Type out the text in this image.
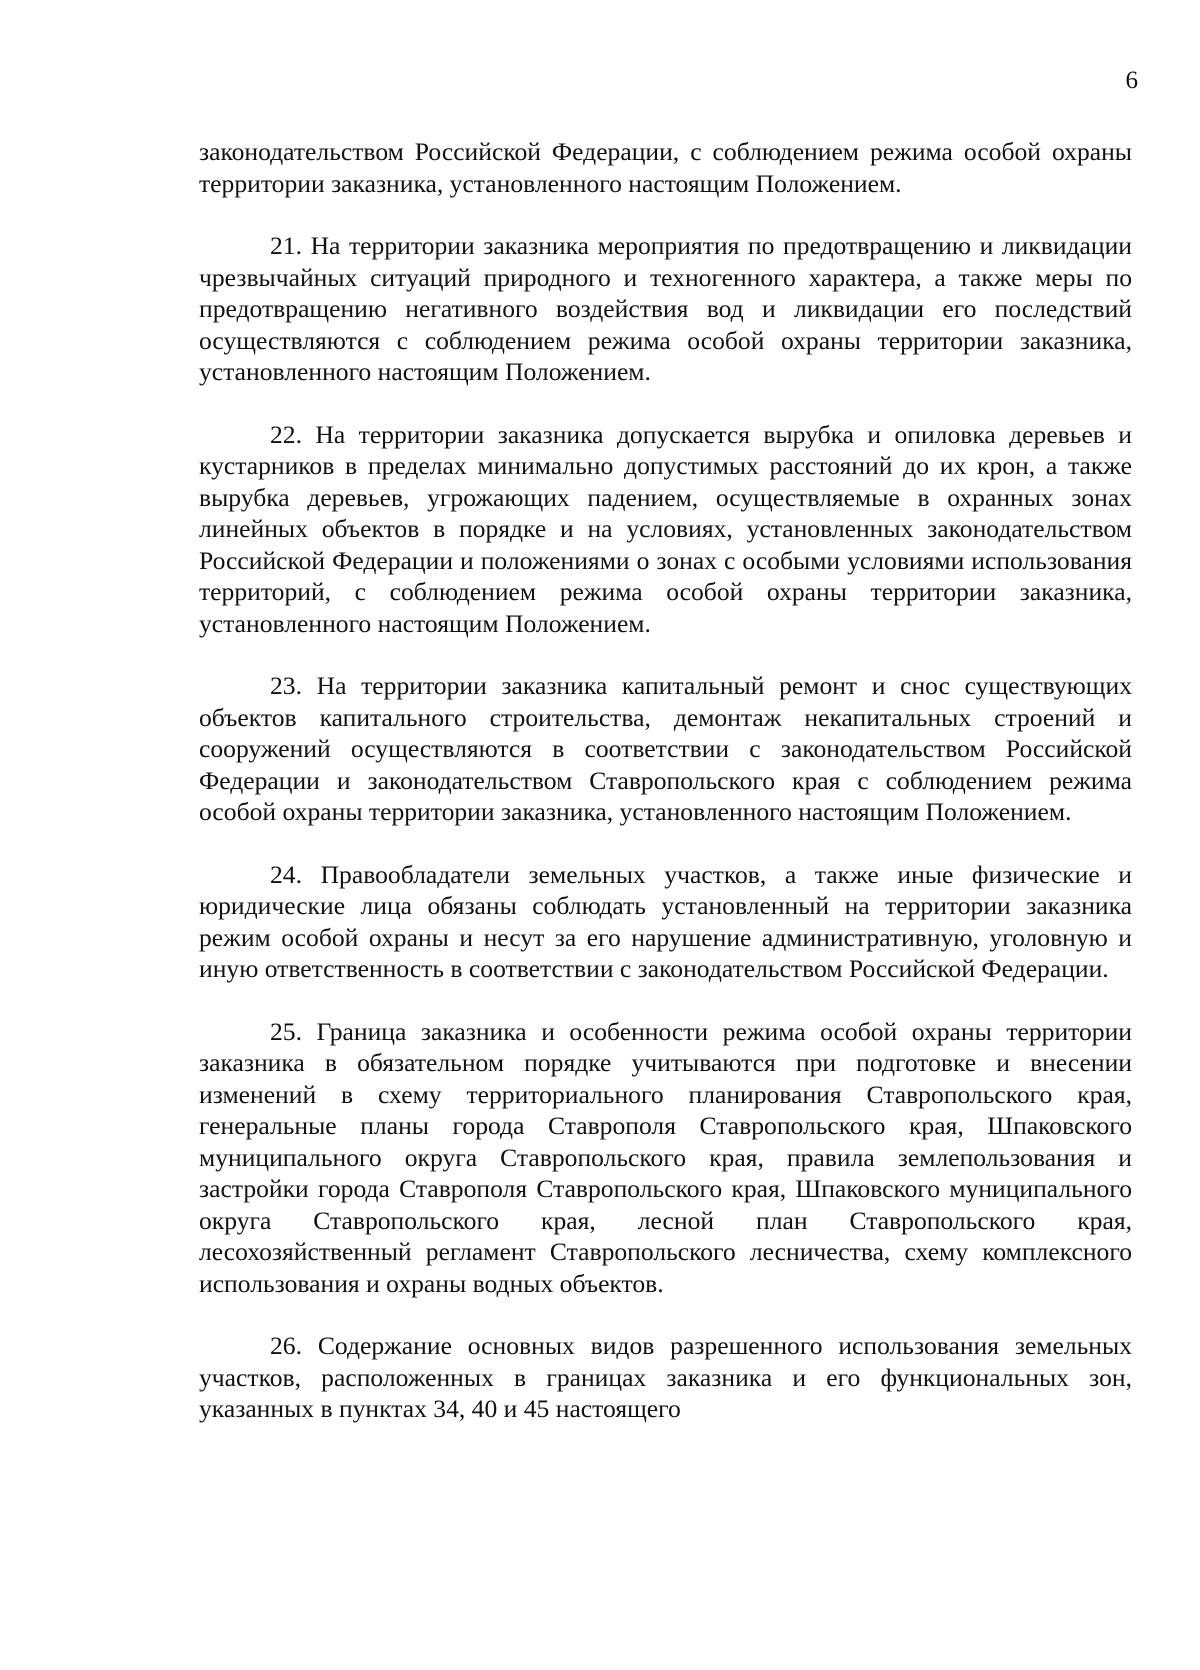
6

законодательством Российской Федерации, с соблюдением режима особой охраны территории заказника, установленного настоящим Положением.

21. На территории заказника мероприятия по предотвращению и ликвидации чрезвычайных ситуаций природного и техногенного характера, а также меры по предотвращению негативного воздействия вод и ликвидации его последствий осуществляются с соблюдением режима особой охраны территории заказника, установленного настоящим Положением.

22. На территории заказника допускается вырубка и опиловка деревьев и кустарников в пределах минимально допустимых расстояний до их крон, а также вырубка деревьев, угрожающих падением, осуществляемые в охранных зонах линейных объектов в порядке и на условиях, установленных законодательством Российской Федерации и положениями о зонах с особыми условиями использования территорий, с соблюдением режима особой охраны территории заказника, установленного настоящим Положением.

23. На территории заказника капитальный ремонт и снос существующих объектов капитального строительства, демонтаж некапитальных строений и сооружений осуществляются в соответствии с законодательством Российской Федерации и законодательством Ставропольского края с соблюдением режима особой охраны территории заказника, установленного настоящим Положением.

24. Правообладатели земельных участков, а также иные физические и юридические лица обязаны соблюдать установленный на территории заказника режим особой охраны и несут за его нарушение административную, уголовную и иную ответственность в соответствии с законодательством Российской Федерации.

25. Граница заказника и особенности режима особой охраны территории заказника в обязательном порядке учитываются при подготовке и внесении изменений в схему территориального планирования Ставропольского края, генеральные планы города Ставрополя Ставропольского края, Шпаковского муниципального округа Ставропольского края, правила землепользования и застройки города Ставрополя Ставропольского края, Шпаковского муниципального округа Ставропольского края, лесной план Ставропольского края, лесохозяйственный регламент Ставропольского лесничества, схему комплексного использования и охраны водных объектов.

26. Содержание основных видов разрешенного использования земельных участков, расположенных в границах заказника и его функциональных зон, указанных в пунктах 34, 40 и 45 настоящего
